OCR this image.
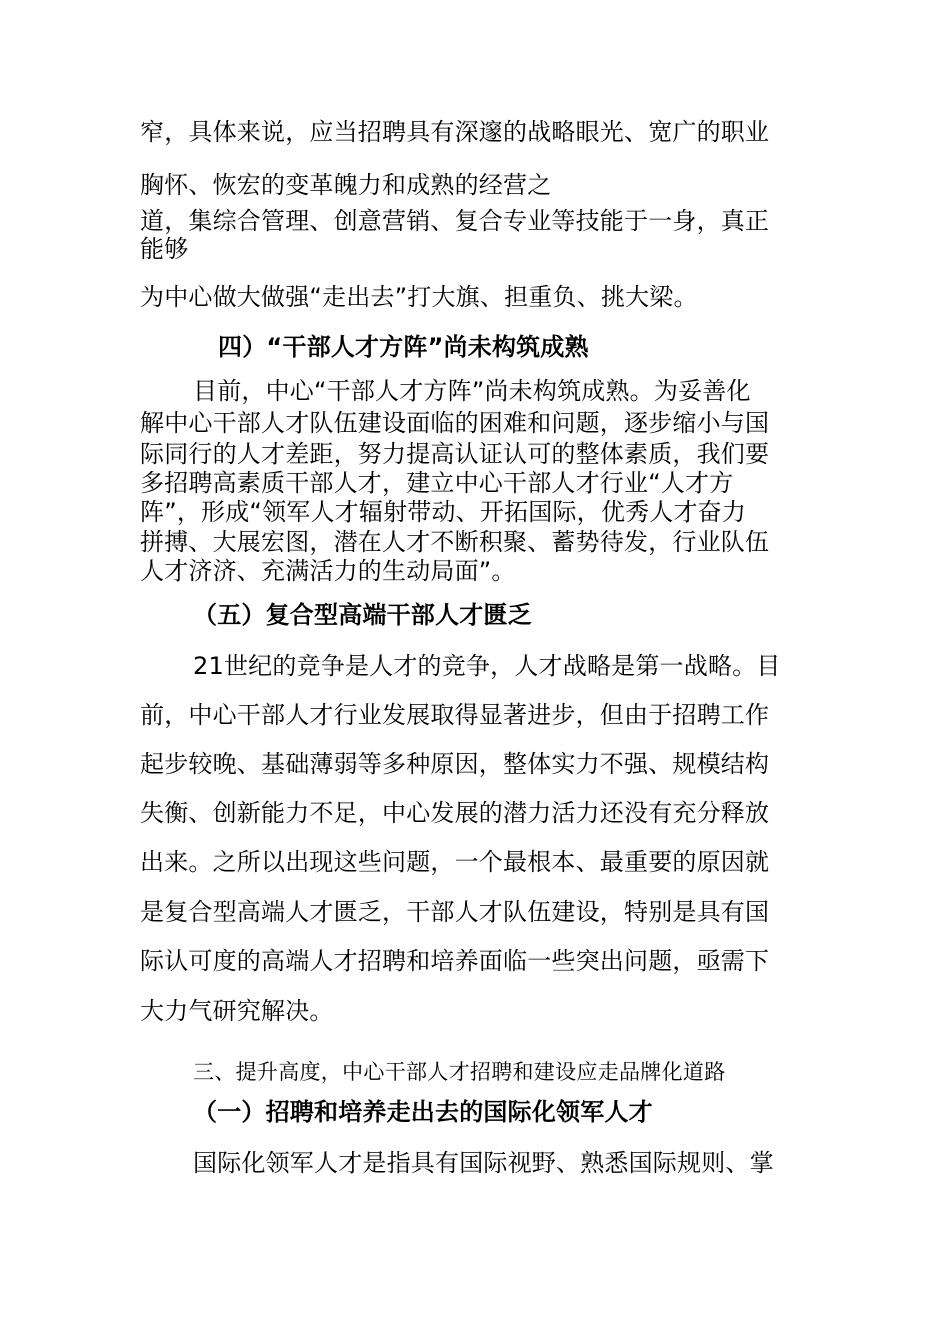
窄，具体来说，应当招聘具有深邃的战略眼光、宽广的职业

胸怀、恢宏的变革魄力和成熟的经营之

道，集综合管理、创意营销、复合专业等技能于一身，真正

能够

为中心做大做强“走出去”打大旗、担重负、挑大梁。

四）“干部人才方阵”尚未构筑成熟

目前，中心“干部人才方阵”尚未构筑成熟。为妥善化

解中心干部人才队伍建设面临的困难和问题，逐步缩小与国

际同行的人才差距，努力提高认证认可的整体素质，我们要

多招聘高素质干部人才，建立中心干部人才行业“人才方

阵”，形成“领军人才辐射带动、开拓国际，优秀人才奋力

拼搏、大展宏图，潜在人才不断积聚、蓄势待发，行业队伍

人才济济、充满活力的生动局面”。

（五）复合型高端干部人才匮乏

21世纪的竞争是人才的竞争，人才战略是第一战略。目

前，中心干部人才行业发展取得显著进步，但由于招聘工作

起步较晚、基础薄弱等多种原因，整体实力不强、规模结构

失衡、创新能力不足，中心发展的潜力活力还没有充分释放

出来。之所以出现这些问题，一个最根本、最重要的原因就

是复合型高端人才匮乏，干部人才队伍建设，特别是具有国

际认可度的高端人才招聘和培养面临一些突出问题，亟需下

大力气研究解决。

三、提升高度，中心干部人才招聘和建设应走品牌化道路

（一）招聘和培养走出去的国际化领军人才

国际化领军人才是指具有国际视野、熟悉国际规则、掌
